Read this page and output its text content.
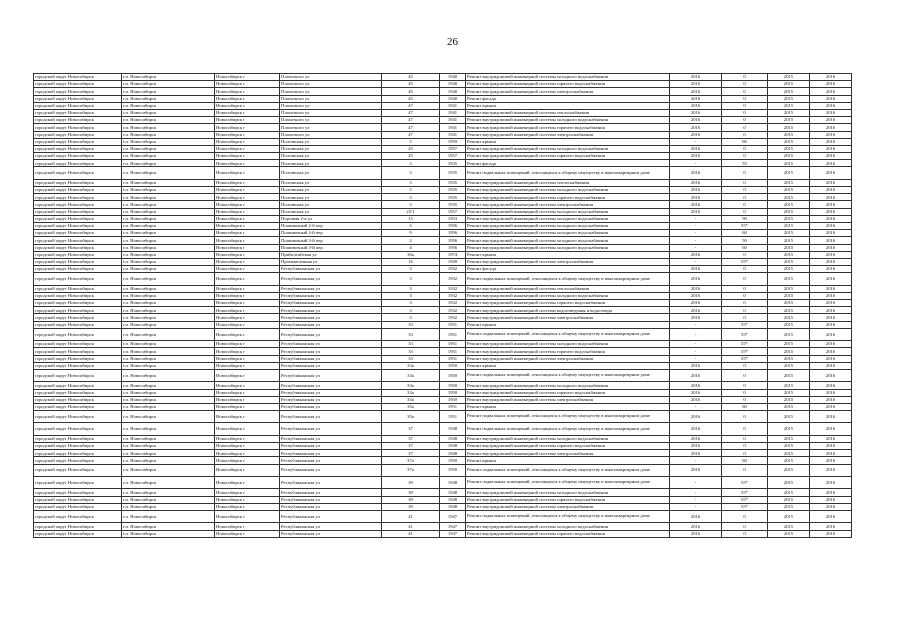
26
городской округ Новосибирск	г.п. Новосибирск	Новосибирск г	Плахотного ул	45	1940	Ремонт внутридомовой инженерной системы холодного водоснабжения	2016	0	2015	2016
городской округ Новосибирск	г.п. Новосибирск	Новосибирск г	Плахотного ул	45	1940	Ремонт внутридомовой инженерной системы горячего водоснабжения	2016	0	2015	2016
городской округ Новосибирск	г.п. Новосибирск	Новосибирск г	Плахотного ул	45	1940	Ремонт внутридомовой инженерной системы электроснабжения	2016	0	2015	2016
городской округ Новосибирск	г.п. Новосибирск	Новосибирск г	Плахотного ул	45	1940	Ремонт фасада	2016	0	2015	2016
городской округ Новосибирск	г.п. Новосибирск	Новосибирск г	Плахотного ул	47	1941	Ремонт крыши	2016	0	2015	2016
городской округ Новосибирск	г.п. Новосибирск	Новосибирск г	Плахотного ул	47	1941	Ремонт внутридомовой инженерной системы теплоснабжения	2016	0	2015	2016
городской округ Новосибирск	г.п. Новосибирск	Новосибирск г	Плахотного ул	47	1941	Ремонт внутридомовой инженерной системы холодного водоснабжения	2016	0	2015	2016
городской округ Новосибирск	г.п. Новосибирск	Новосибирск г	Плахотного ул	47	1941	Ремонт внутридомовой инженерной системы горячего водоснабжения	2016	0	2015	2016
городской округ Новосибирск	г.п. Новосибирск	Новосибирск г	Плахотного ул	47	1941	Ремонт внутридомовой инженерной системы электроснабжения	2016	0	2015	2016
городской округ Новосибирск	г.п. Новосибирск	Новосибирск г	Полтавская ул	3	1959	Ремонт крыши	-	60	2015	2016
городской округ Новосибирск	г.п. Новосибирск	Новосибирск г	Полтавская ул	25	1957	Ремонт внутридомовой инженерной системы холодного водоснабжения	2016	0	2015	2016
городской округ Новосибирск	г.п. Новосибирск	Новосибирск г	Полтавская ул	25	1957	Ремонт внутридомовой инженерной системы горячего водоснабжения	2016	0	2015	2016
городской округ Новосибирск	г.п. Новосибирск	Новосибирск г	Полтавская ул	3	1935	Ремонт фасада	-	55	2015	2016
городской округ Новосибирск	г.п. Новосибирск	Новосибирск г	Полтавская ул	3	1935	Ремонт подвальных помещений, относящихся к общему имуществу в многоквартирном доме	2016	0	2015	2016
городской округ Новосибирск	г.п. Новосибирск	Новосибирск г	Полтавская ул	3	1935	Ремонт внутридомовой инженерной системы теплоснабжения	2016	0	2015	2016
городской округ Новосибирск	г.п. Новосибирск	Новосибирск г	Полтавская ул	3	1935	Ремонт внутридомовой инженерной системы холодного водоснабжения	2016	0	2015	2016
городской округ Новосибирск	г.п. Новосибирск	Новосибирск г	Полтавская ул	3	1935	Ремонт внутридомовой инженерной системы горячего водоснабжения	2016	0	2015	2016
городской округ Новосибирск	г.п. Новосибирск	Новосибирск г	Полтавская ул	3	1935	Ремонт внутридомовой инженерной системы электроснабжения	2016	0	2015	2016
городской округ Новосибирск	г.п. Новосибирск	Новосибирск г	Полтавская ул	25/1	1957	Ремонт внутридомовой инженерной системы холодного водоснабжения	2016	0	2015	2016
городской округ Новосибирск	г.п. Новосибирск	Новосибирск г	Портовая 2-я ул	15	1953	Ремонт внутридомовой инженерной системы холодного водоснабжения	-	90	2015	2016
городской округ Новосибирск	г.п. Новосибирск	Новосибирск г	Пошивочный 2-й пер	4	1956	Ремонт внутридомовой инженерной системы холодного водоснабжения	-	55*	2015	2016
городской округ Новосибирск	г.п. Новосибирск	Новосибирск г	Пошивочный 2-й пер	9	1956	Ремонт внутридомовой инженерной системы холодного водоснабжения	-	60	2015	2016
городской округ Новосибирск	г.п. Новосибирск	Новосибирск г	Пошивочный 3-й пер	2	1956	Ремонт внутридомовой инженерной системы холодного водоснабжения	-	50	2015	2016
городской округ Новосибирск	г.п. Новосибирск	Новосибирск г	Пошивочный 3-й пер	4	1956	Ремонт внутридомовой инженерной системы холодного водоснабжения	-	60	2015	2016
городской округ Новосибирск	г.п. Новосибирск	Новосибирск г	Прибалтийская ул	30а	1974	Ремонт крыши	2016	0	2015	2016
городской округ Новосибирск	г.п. Новосибирск	Новосибирск г	Промышленная ул	16	1949	Ремонт внутридомовой инженерной системы электроснабжения	-	55*	2015	2016
городской округ Новосибирск	г.п. Новосибирск	Новосибирск г	Республиканская ул	3	1932	Ремонт фасада	2016	0	2015	2016
городской округ Новосибирск	г.п. Новосибирск	Новосибирск г	Республиканская ул	3	1932	Ремонт подвальных помещений, относящихся к общему имуществу в многоквартирном доме	2016	0	2015	2016
городской округ Новосибирск	г.п. Новосибирск	Новосибирск г	Республиканская ул	3	1932	Ремонт внутридомовой инженерной системы теплоснабжения	2016	0	2015	2016
городской округ Новосибирск	г.п. Новосибирск	Новосибирск г	Республиканская ул	3	1932	Ремонт внутридомовой инженерной системы холодного водоснабжения	2016	0	2015	2016
городской округ Новосибирск	г.п. Новосибирск	Новосибирск г	Республиканская ул	3	1932	Ремонт внутридомовой инженерной системы горячего водоснабжения	2016	0	2015	2016
городской округ Новосибирск	г.п. Новосибирск	Новосибирск г	Республиканская ул	3	1932	Ремонт внутридомовой инженерной системы водоотведения и водоотвода	2016	0	2015	2016
городской округ Новосибирск	г.п. Новосибирск	Новосибирск г	Республиканская ул	3	1932	Ремонт внутридомовой инженерной системы электроснабжения	2016	0	2015	2016
городской округ Новосибирск	г.п. Новосибирск	Новосибирск г	Республиканская ул	33	1951	Ремонт крыши	-	55*	2015	2016
городской округ Новосибирск	г.п. Новосибирск	Новосибирск г	Республиканская ул	33	1951	Ремонт подвальных помещений, относящихся к общему имуществу в многоквартирном доме	-	55*	2015	2016
городской округ Новосибирск	г.п. Новосибирск	Новосибирск г	Республиканская ул	33	1951	Ремонт внутридомовой инженерной системы холодного водоснабжения	-	55*	2015	2016
городской округ Новосибирск	г.п. Новосибирск	Новосибирск г	Республиканская ул	33	1951	Ремонт внутридомовой инженерной системы горячего водоснабжения	-	55*	2015	2016
городской округ Новосибирск	г.п. Новосибирск	Новосибирск г	Республиканская ул	33	1951	Ремонт внутридомовой инженерной системы электроснабжения	-	55*	2015	2016
городской округ Новосибирск	г.п. Новосибирск	Новосибирск г	Республиканская ул	33а	1950	Ремонт крыши	2016	0	2015	2016
городской округ Новосибирск	г.п. Новосибирск	Новосибирск г	Республиканская ул	33а	1950	Ремонт подвальных помещений, относящихся к общему имуществу в многоквартирном доме	2016	0	2015	2016
городской округ Новосибирск	г.п. Новосибирск	Новосибирск г	Республиканская ул	33а	1950	Ремонт внутридомовой инженерной системы холодного водоснабжения	2016	0	2015	2016
городской округ Новосибирск	г.п. Новосибирск	Новосибирск г	Республиканская ул	33а	1950	Ремонт внутридомовой инженерной системы горячего водоснабжения	2016	0	2015	2016
городской округ Новосибирск	г.п. Новосибирск	Новосибирск г	Республиканская ул	33а	1950	Ремонт внутридомовой инженерной системы электроснабжения	2016	0	2015	2016
городской округ Новосибирск	г.п. Новосибирск	Новосибирск г	Республиканская ул	35а	1951	Ремонт крыши	-	60	2015	2016
городской округ Новосибирск	г.п. Новосибирск	Новосибирск г	Республиканская ул	35а	1951	Ремонт подвальных помещений, относящихся к общему имуществу в многоквартирном доме	2016	0	2015	2016
городской округ Новосибирск	г.п. Новосибирск	Новосибирск г	Республиканская ул	37	1948	Ремонт подвальных помещений, относящихся к общему имуществу в многоквартирном доме	2016	0	2015	2016
городской округ Новосибирск	г.п. Новосибирск	Новосибирск г	Республиканская ул	37	1948	Ремонт внутридомовой инженерной системы холодного водоснабжения	2016	0	2015	2016
городской округ Новосибирск	г.п. Новосибирск	Новосибирск г	Республиканская ул	37	1948	Ремонт внутридомовой инженерной системы горячего водоснабжения	2016	0	2015	2016
городской округ Новосибирск	г.п. Новосибирск	Новосибирск г	Республиканская ул	37	1948	Ремонт внутридомовой инженерной системы электроснабжения	2016	0	2015	2016
городской округ Новосибирск	г.п. Новосибирск	Новосибирск г	Республиканская ул	37а	1950	Ремонт крыши	-	60	2015	2016
городской округ Новосибирск	г.п. Новосибирск	Новосибирск г	Республиканская ул	37а	1950	Ремонт подвальных помещений, относящихся к общему имуществу в многоквартирном доме	2016	0	2015	2016
городской округ Новосибирск	г.п. Новосибирск	Новосибирск г	Республиканская ул	39	1948	Ремонт подвальных помещений, относящихся к общему имуществу в многоквартирном доме	-	55*	2015	2016
городской округ Новосибирск	г.п. Новосибирск	Новосибирск г	Республиканская ул	39	1948	Ремонт внутридомовой инженерной системы холодного водоснабжения	-	55*	2015	2016
городской округ Новосибирск	г.п. Новосибирск	Новосибирск г	Республиканская ул	39	1948	Ремонт внутридомовой инженерной системы горячего водоснабжения	-	55*	2015	2016
городской округ Новосибирск	г.п. Новосибирск	Новосибирск г	Республиканская ул	39	1948	Ремонт внутридомовой инженерной системы электроснабжения	-	55*	2015	2016
городской округ Новосибирск	г.п. Новосибирск	Новосибирск г	Республиканская ул	41	1947	Ремонт подвальных помещений, относящихся к общему имуществу в многоквартирном доме	2016	0	2015	2016
городской округ Новосибирск	г.п. Новосибирск	Новосибирск г	Республиканская ул	41	1947	Ремонт внутридомовой инженерной системы холодного водоснабжения	2016	0	2015	2016
городской округ Новосибирск	г.п. Новосибирск	Новосибирск г	Республиканская ул	41	1947	Ремонт внутридомовой инженерной системы горячего водоснабжения	2016	0	2015	2016
